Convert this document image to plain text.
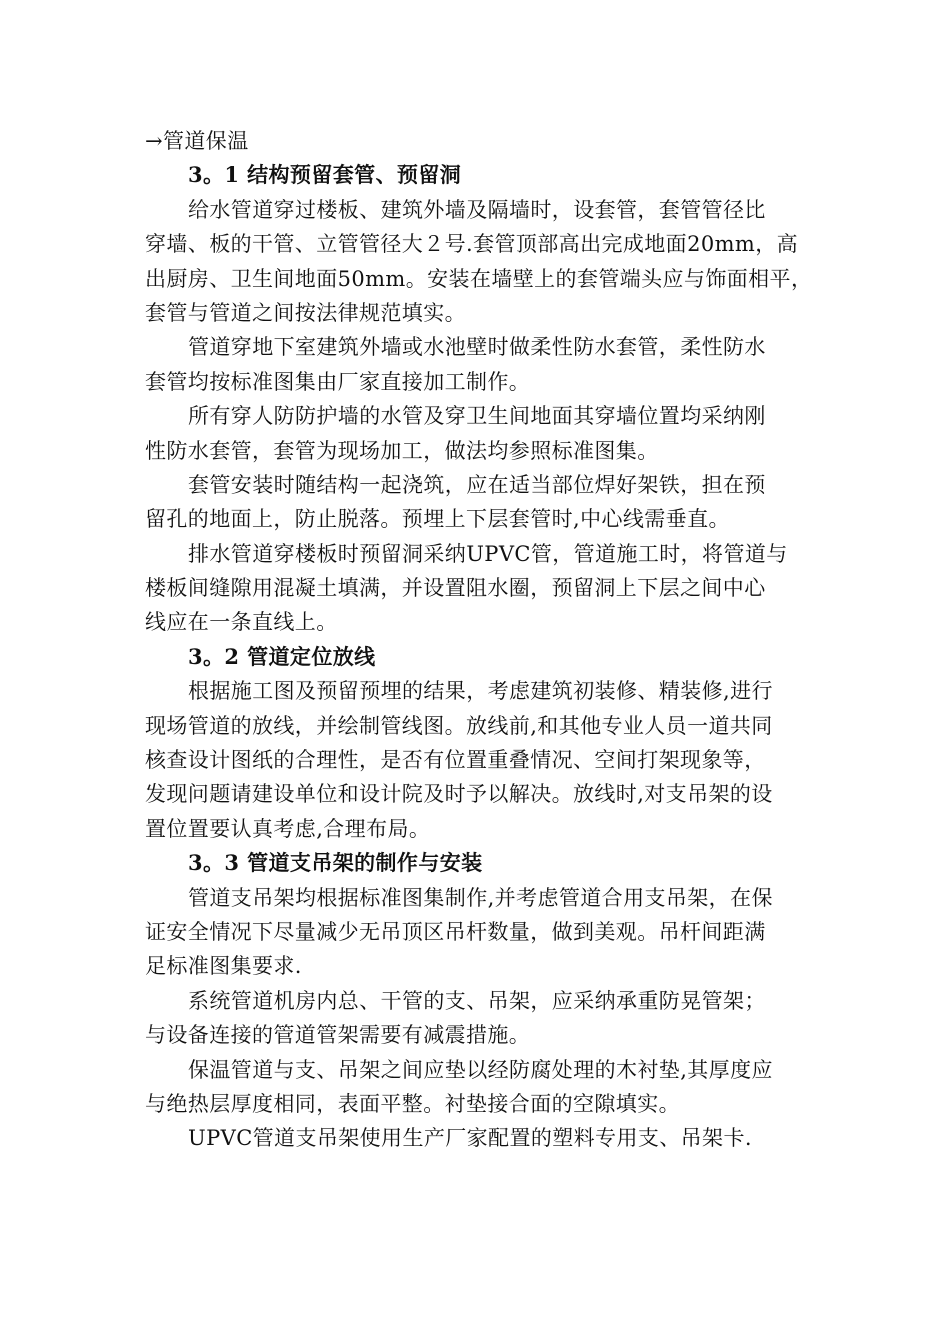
→管道保温
3。1 结构预留套管、预留洞
给水管道穿过楼板、建筑外墙及隔墙时，设套管，套管管径比
穿墙、板的干管、立管管径大２号.套管顶部高出完成地面20mm，高
出厨房、卫生间地面50mm。安装在墙壁上的套管端头应与饰面相平，
套管与管道之间按法律规范填实。
管道穿地下室建筑外墙或水池壁时做柔性防水套管，柔性防水
套管均按标准图集由厂家直接加工制作。
所有穿人防防护墙的水管及穿卫生间地面其穿墙位置均采纳刚
性防水套管，套管为现场加工，做法均参照标准图集。
套管安装时随结构一起浇筑，应在适当部位焊好架铁，担在预
留孔的地面上，防止脱落。预埋上下层套管时,中心线需垂直。
排水管道穿楼板时预留洞采纳UPVC管，管道施工时，将管道与
楼板间缝隙用混凝土填满，并设置阻水圈，预留洞上下层之间中心
线应在一条直线上。
3。2 管道定位放线
根据施工图及预留预埋的结果，考虑建筑初装修、精装修,进行
现场管道的放线，并绘制管线图。放线前,和其他专业人员一道共同
核查设计图纸的合理性，是否有位置重叠情况、空间打架现象等，
发现问题请建设单位和设计院及时予以解决。放线时,对支吊架的设
置位置要认真考虑,合理布局。
3。3 管道支吊架的制作与安装
管道支吊架均根据标准图集制作,并考虑管道合用支吊架，在保
证安全情况下尽量减少无吊顶区吊杆数量，做到美观。吊杆间距满
足标准图集要求.
系统管道机房内总、干管的支、吊架，应采纳承重防晃管架；
与设备连接的管道管架需要有减震措施。
保温管道与支、吊架之间应垫以经防腐处理的木衬垫,其厚度应
与绝热层厚度相同，表面平整。衬垫接合面的空隙填实。
UPVC管道支吊架使用生产厂家配置的塑料专用支、吊架卡.
